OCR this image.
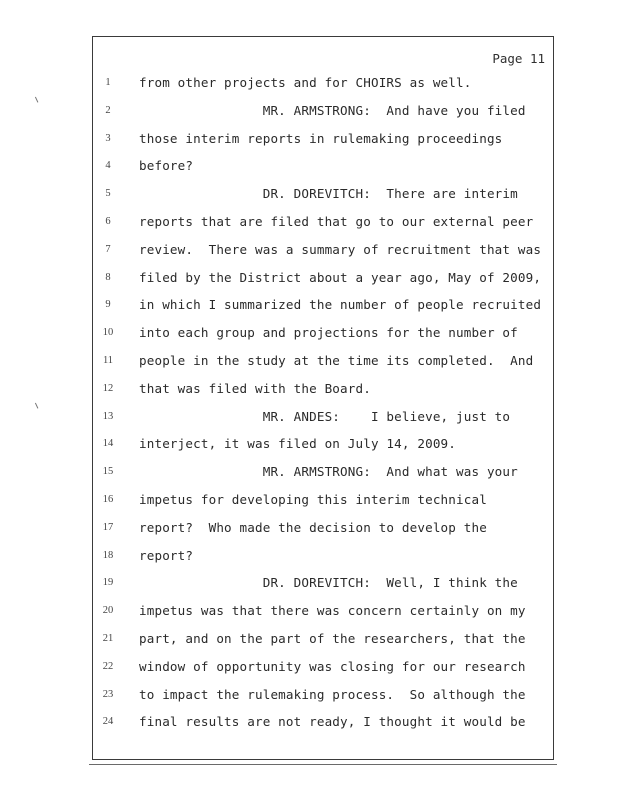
Page 11
1	from other projects and for CHOIRS as well.
2	MR. ARMSTRONG:  And have you filed
3	those interim reports in rulemaking proceedings
4	before?
5	DR. DOREVITCH:  There are interim
6	reports that are filed that go to our external peer
7	review.  There was a summary of recruitment that was
8	filed by the District about a year ago, May of 2009,
9	in which I summarized the number of people recruited
10 into each group and projections for the number of
11	people in the study at the time its completed.  And
12 that was filed with the Board.
13 MR. ANDES:    I believe, just to
14 interject, it was filed on July 14, 2009.
15 MR. ARMSTRONG:  And what was your
16 impetus for developing this interim technical
17 report?  Who made the decision to develop the
18 report?
19 DR. DOREVITCH:  Well, I think the
20 impetus was that there was concern certainly on my
21 part, and on the part of the researchers, that the
22 window of opportunity was closing for our research
23 to impact the rulemaking process.  So although the
24 final results are not ready, I thought it would be
